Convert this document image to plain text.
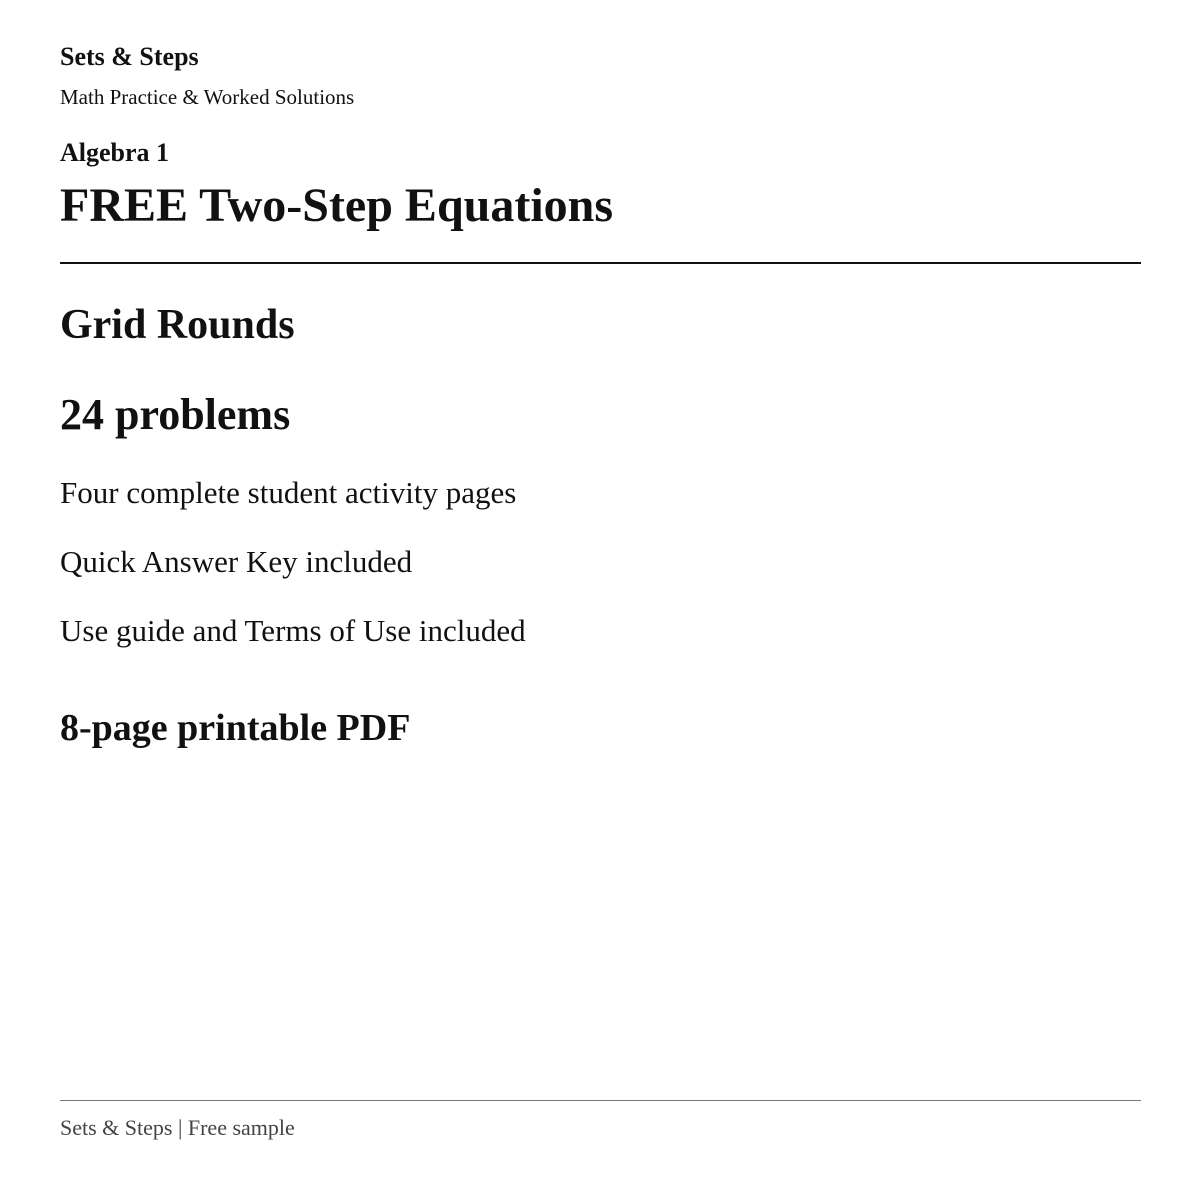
Sets & Steps
Math Practice & Worked Solutions
Algebra 1
FREE Two-Step Equations
Grid Rounds
24 problems
Four complete student activity pages
Quick Answer Key included
Use guide and Terms of Use included
8-page printable PDF
Sets & Steps | Free sample
